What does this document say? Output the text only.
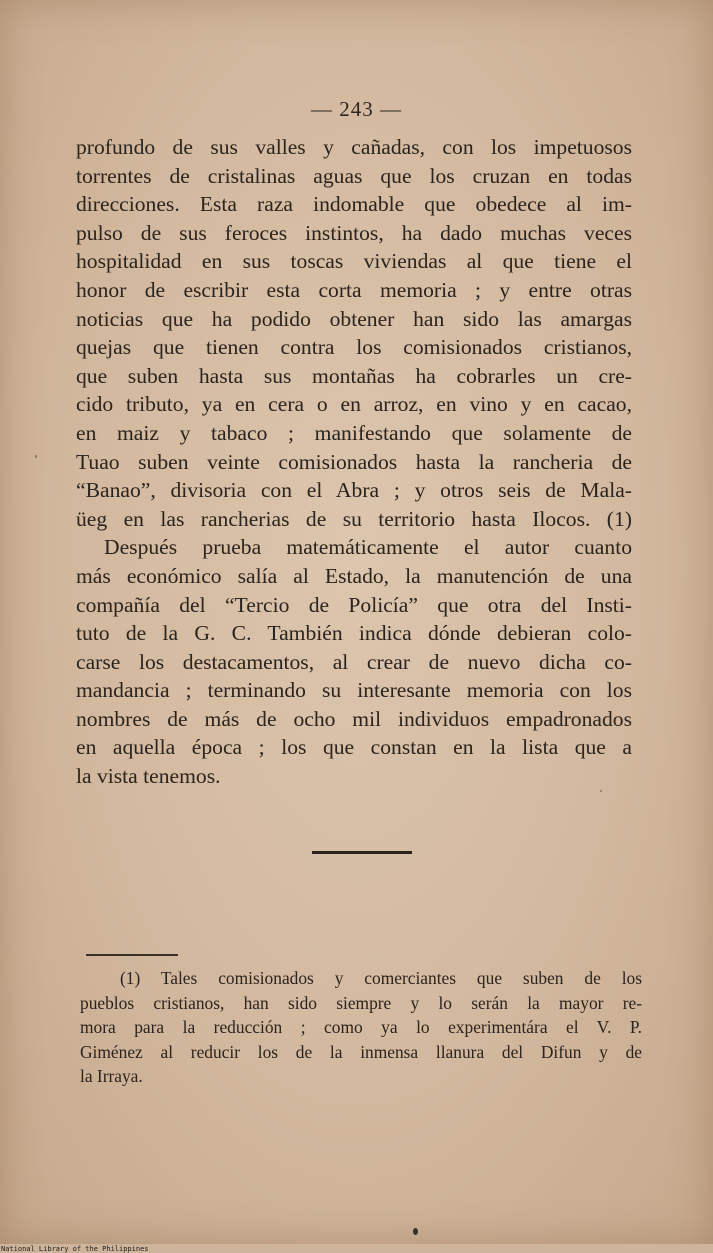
— 243 —
profundo de sus valles y cañadas, con los impetuosos
torrentes de cristalinas aguas que los cruzan en todas
direcciones. Esta raza indomable que obedece al im-
pulso de sus feroces instintos, ha dado muchas veces
hospitalidad en sus toscas viviendas al que tiene el
honor de escribir esta corta memoria ; y entre otras
noticias que ha podido obtener han sido las amargas
quejas que tienen contra los comisionados cristianos,
que suben hasta sus montañas ha cobrarles un cre-
cido tributo, ya en cera o en arroz, en vino y en cacao,
en maiz y tabaco ; manifestando que solamente de
Tuao suben veinte comisionados hasta la rancheria de
“Banao”, divisoria con el Abra ; y otros seis de Mala-
üeg en las rancherias de su territorio hasta Ilocos. (1)
Después prueba matemáticamente el autor cuanto
más económico salía al Estado, la manutención de una
compañía del “Tercio de Policía” que otra del Insti-
tuto de la G. C. También indica dónde debieran colo-
carse los destacamentos, al crear de nuevo dicha co-
mandancia ; terminando su interesante memoria con los
nombres de más de ocho mil individuos empadronados
en aquella época ; los que constan en la lista que a
la vista tenemos.
(1) Tales comisionados y comerciantes que suben de los
pueblos cristianos, han sido siempre y lo serán la mayor re-
mora para la reducción ; como ya lo experimentára el V. P.
Giménez al reducir los de la inmensa llanura del Difun y de
la Irraya.
National Library of the Philippines
